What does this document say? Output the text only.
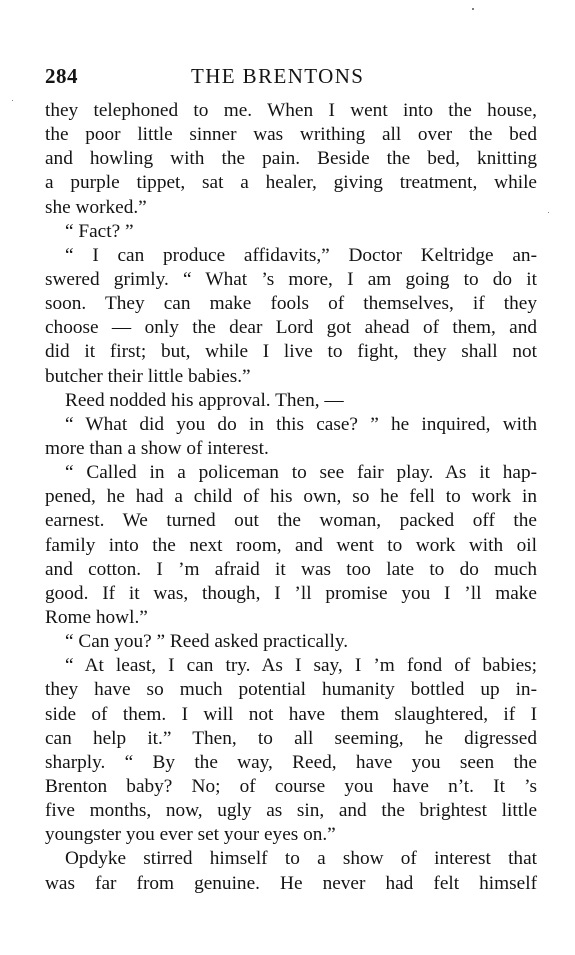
284	THE BRENTONS
they telephoned to me. When I went into the house,
the poor little sinner was writhing all over the bed
and howling with the pain. Beside the bed, knitting
a purple tippet, sat a healer, giving treatment, while
she worked.”
“ Fact? ”
“ I can produce affidavits,” Doctor Keltridge an-
swered grimly. “ What ’s more, I am going to do it
soon. They can make fools of themselves, if they
choose — only the dear Lord got ahead of them, and
did it first; but, while I live to fight, they shall not
butcher their little babies.”
Reed nodded his approval. Then, —
“ What did you do in this case? ” he inquired, with
more than a show of interest.
“ Called in a policeman to see fair play. As it hap-
pened, he had a child of his own, so he fell to work in
earnest. We turned out the woman, packed off the
family into the next room, and went to work with oil
and cotton. I ’m afraid it was too late to do much
good. If it was, though, I ’ll promise you I ’ll make
Rome howl.”
“ Can you? ” Reed asked practically.
“ At least, I can try. As I say, I ’m fond of babies;
they have so much potential humanity bottled up in-
side of them. I will not have them slaughtered, if I
can help it.” Then, to all seeming, he digressed
sharply. “ By the way, Reed, have you seen the
Brenton baby? No; of course you have n’t. It ’s
five months, now, ugly as sin, and the brightest little
youngster you ever set your eyes on.”
Opdyke stirred himself to a show of interest that
was far from genuine. He never had felt himself
